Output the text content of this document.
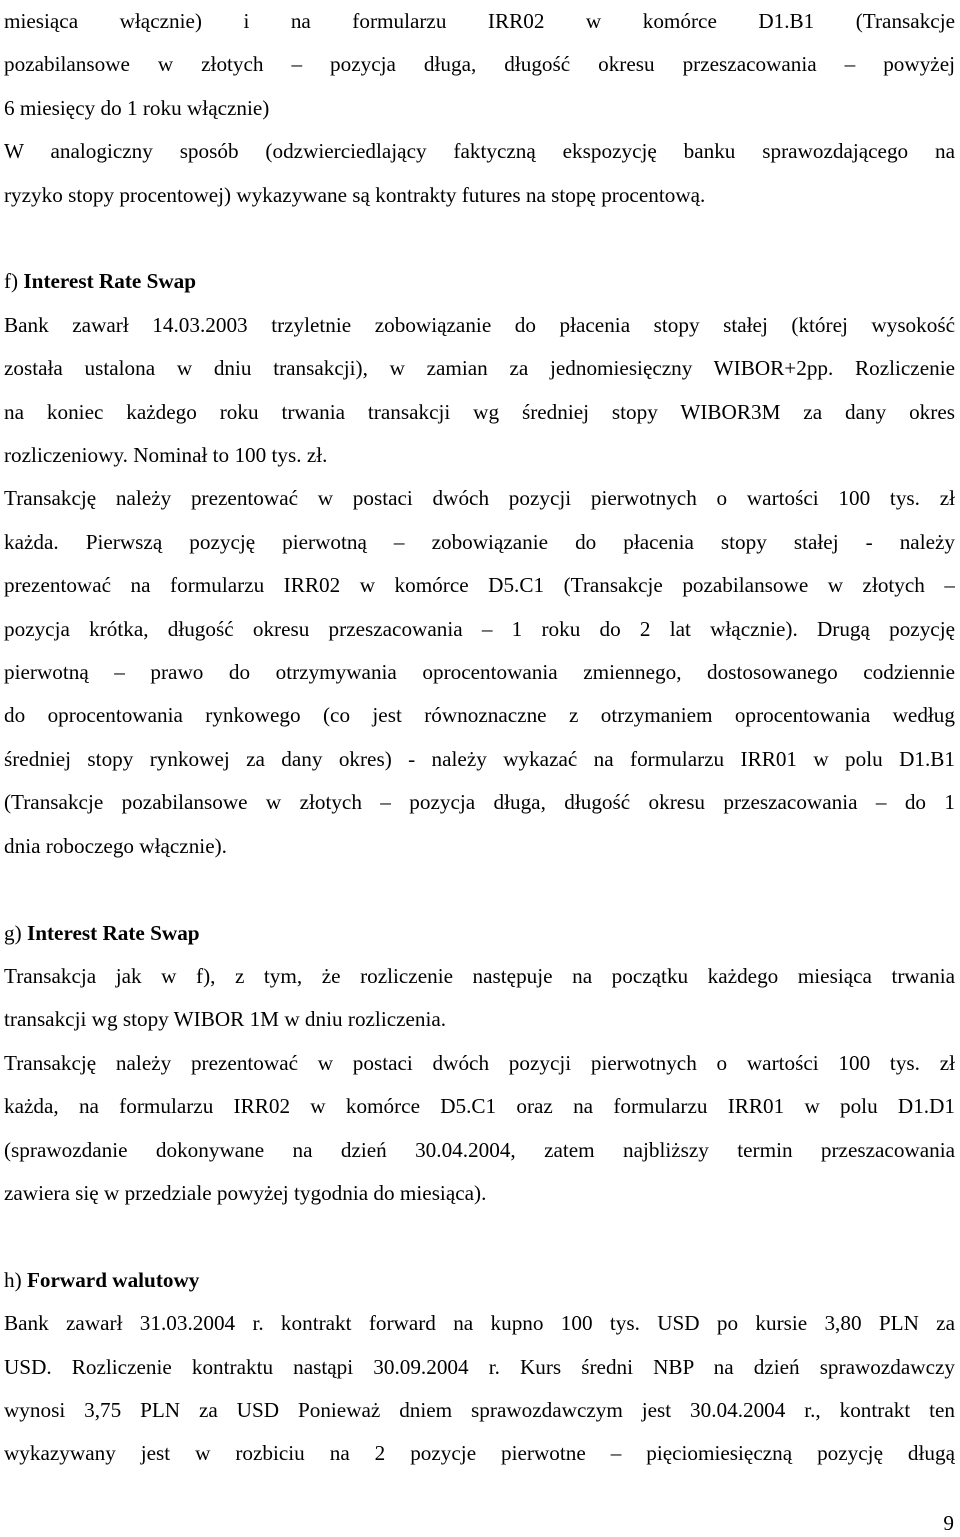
miesiąca włącznie) i na formularzu IRR02 w komórce D1.B1 (Transakcje
pozabilansowe w złotych – pozycja długa, długość okresu przeszacowania – powyżej
6 miesięcy do 1 roku włącznie)
W analogiczny sposób (odzwierciedlający faktyczną ekspozycję banku sprawozdającego na
ryzyko stopy procentowej) wykazywane są kontrakty futures na stopę procentową.
f) Interest Rate Swap
Bank zawarł 14.03.2003 trzyletnie zobowiązanie do płacenia stopy stałej (której wysokość
została ustalona w dniu transakcji), w zamian za jednomiesięczny WIBOR+2pp. Rozliczenie
na koniec każdego roku trwania transakcji wg średniej stopy WIBOR3M za dany okres
rozliczeniowy. Nominał to 100 tys. zł.
Transakcję należy prezentować w postaci dwóch pozycji pierwotnych o wartości 100 tys. zł
każda. Pierwszą pozycję pierwotną – zobowiązanie do płacenia stopy stałej - należy
prezentować na formularzu IRR02 w komórce D5.C1 (Transakcje pozabilansowe w złotych –
pozycja krótka, długość okresu przeszacowania – 1 roku do 2 lat włącznie). Drugą pozycję
pierwotną – prawo do otrzymywania oprocentowania zmiennego, dostosowanego codziennie
do oprocentowania rynkowego (co jest równoznaczne z otrzymaniem oprocentowania według
średniej stopy rynkowej za dany okres) - należy wykazać na formularzu IRR01 w polu D1.B1
(Transakcje pozabilansowe w złotych – pozycja długa, długość okresu przeszacowania – do 1
dnia roboczego włącznie).
g) Interest Rate Swap
Transakcja jak w f), z tym, że rozliczenie następuje na początku każdego miesiąca trwania
transakcji wg stopy WIBOR 1M w dniu rozliczenia.
Transakcję należy prezentować w postaci dwóch pozycji pierwotnych o wartości 100 tys. zł
każda, na formularzu IRR02 w komórce D5.C1 oraz na formularzu IRR01 w polu D1.D1
(sprawozdanie dokonywane na dzień 30.04.2004, zatem najbliższy termin przeszacowania
zawiera się w przedziale powyżej tygodnia do miesiąca).
h) Forward walutowy
Bank zawarł 31.03.2004 r. kontrakt forward na kupno 100 tys. USD po kursie 3,80 PLN za
USD. Rozliczenie kontraktu nastąpi 30.09.2004 r. Kurs średni NBP na dzień sprawozdawczy
wynosi 3,75 PLN za USD Ponieważ dniem sprawozdawczym jest 30.04.2004 r., kontrakt ten
wykazywany jest w rozbiciu na 2 pozycje pierwotne – pięciomiesięczną pozycję długą
9
